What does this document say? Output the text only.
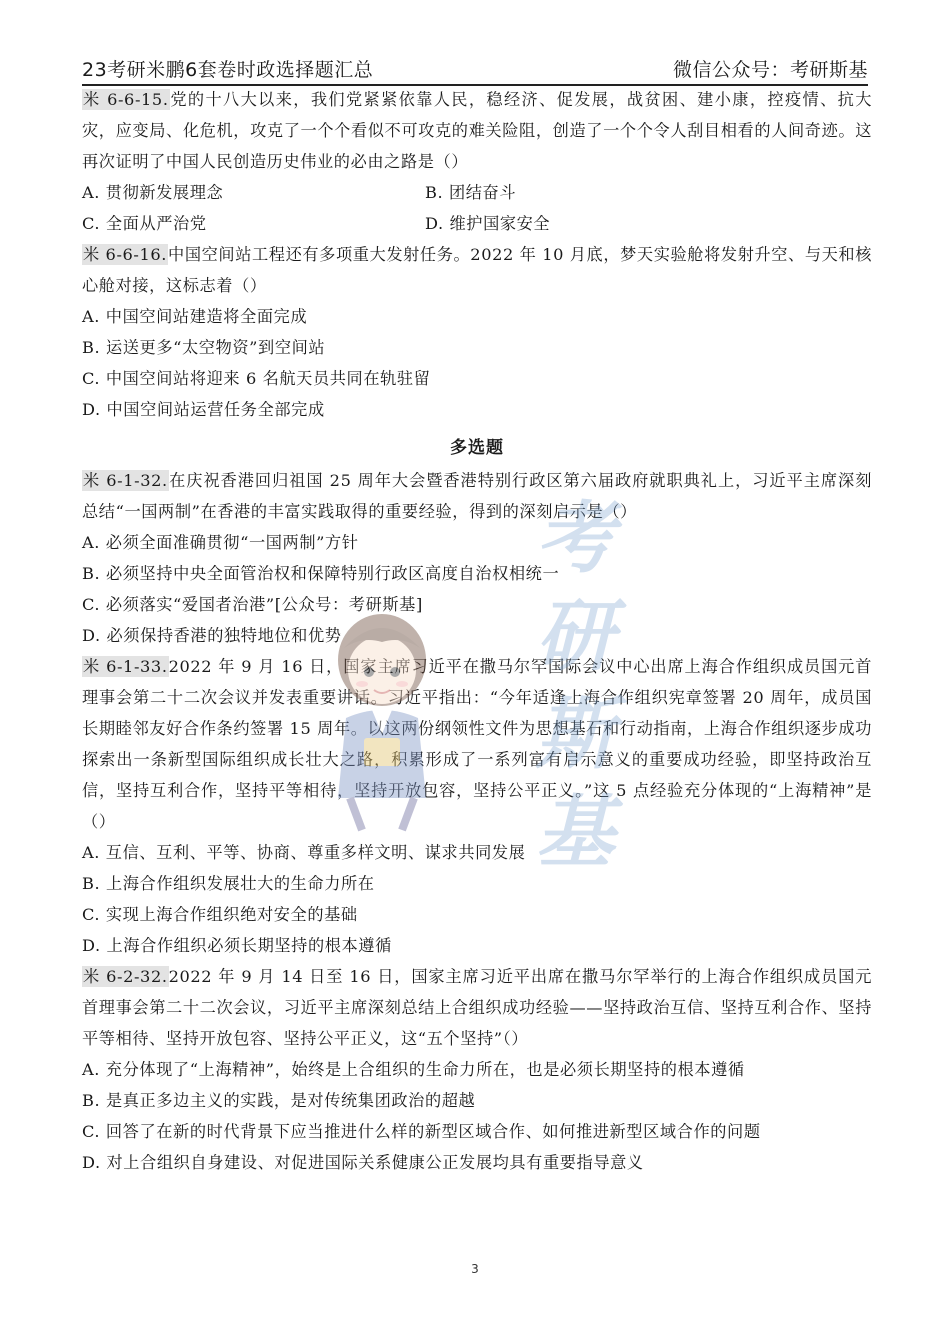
23考研米鹏6套卷时政选择题汇总	微信公众号：考研斯基
米 6-6-15.党的十八大以来，我们党紧紧依靠人民，稳经济、促发展，战贫困、建小康，控疫情、抗大灾，应变局、化危机，攻克了一个个看似不可攻克的难关险阻，创造了一个个令人刮目相看的人间奇迹。这再次证明了中国人民创造历史伟业的必由之路是（）
A. 贯彻新发展理念	B. 团结奋斗
C. 全面从严治党	D. 维护国家安全
米 6-6-16.中国空间站工程还有多项重大发射任务。2022 年 10 月底，梦天实验舱将发射升空、与天和核心舱对接，这标志着（）
A. 中国空间站建造将全面完成
B. 运送更多“太空物资”到空间站
C. 中国空间站将迎来 6 名航天员共同在轨驻留
D. 中国空间站运营任务全部完成
多选题
米 6-1-32.在庆祝香港回归祖国 25 周年大会暨香港特别行政区第六届政府就职典礼上，习近平主席深刻总结“一国两制”在香港的丰富实践取得的重要经验，得到的深刻启示是（）
A. 必须全面准确贯彻“一国两制”方针
B. 必须坚持中央全面管治权和保障特别行政区高度自治权相统一
C. 必须落实“爱国者治港”[公众号：考研斯基]
D. 必须保持香港的独特地位和优势
米 6-1-33.2022 年 9 月 16 日，国家主席习近平在撒马尔罕国际会议中心出席上海合作组织成员国元首理事会第二十二次会议并发表重要讲话。习近平指出：“今年适逢上海合作组织宪章签署 20 周年，成员国长期睦邻友好合作条约签署 15 周年。以这两份纲领性文件为思想基石和行动指南，上海合作组织逐步成功探索出一条新型国际组织成长壮大之路，积累形成了一系列富有启示意义的重要成功经验，即坚持政治互信，坚持互利合作，坚持平等相待，坚持开放包容，坚持公平正义。”这 5 点经验充分体现的“上海精神”是（）
A. 互信、互利、平等、协商、尊重多样文明、谋求共同发展
B. 上海合作组织发展壮大的生命力所在
C. 实现上海合作组织绝对安全的基础
D. 上海合作组织必须长期坚持的根本遵循
米 6-2-32.2022 年 9 月 14 日至 16 日，国家主席习近平出席在撒马尔罕举行的上海合作组织成员国元首理事会第二十二次会议，习近平主席深刻总结上合组织成功经验——坚持政治互信、坚持互利合作、坚持平等相待、坚持开放包容、坚持公平正义，这“五个坚持”（）
A. 充分体现了“上海精神”，始终是上合组织的生命力所在，也是必须长期坚持的根本遵循
B. 是真正多边主义的实践，是对传统集团政治的超越
C. 回答了在新的时代背景下应当推进什么样的新型区域合作、如何推进新型区域合作的问题
D. 对上合组织自身建设、对促进国际关系健康公正发展均具有重要指导意义
考
研
斯
基
3
